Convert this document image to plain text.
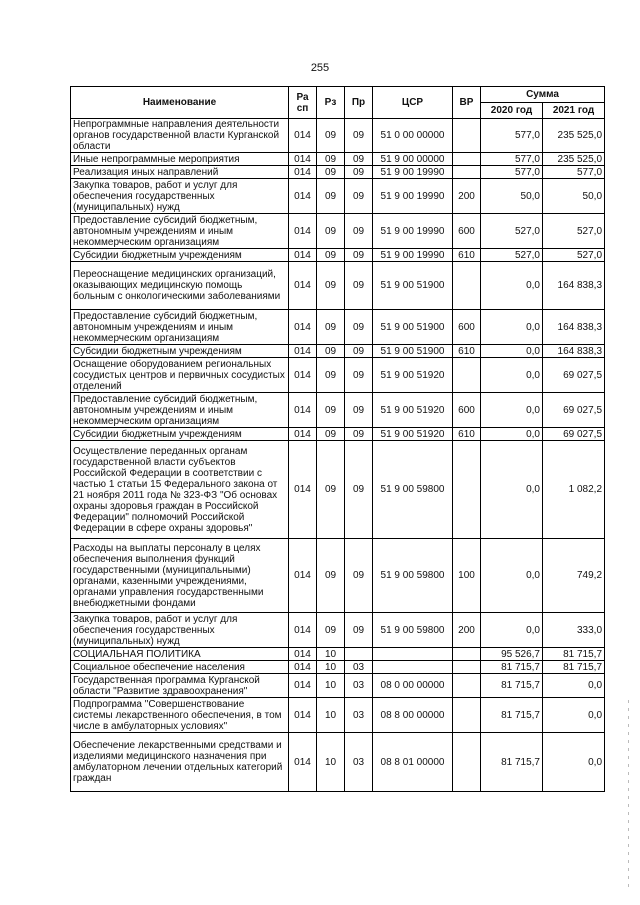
255
Наименование	Ра сп	Рз	Пр	ЦСР	ВР	Сумма	
						2020 год	2021 год
Непрограммные направления деятельности органов государственной власти Курганской области	014	09	09	51 0 00 00000		577,0	235 525,0
Иные непрограммные мероприятия	014	09	09	51 9 00 00000		577,0	235 525,0
Реализация иных направлений	014	09	09	51 9 00 19990		577,0	577,0
Закупка товаров, работ и услуг для обеспечения государственных (муниципальных) нужд	014	09	09	51 9 00 19990	200	50,0	50,0
Предоставление субсидий бюджетным, автономным учреждениям и иным некоммерческим организациям	014	09	09	51 9 00 19990	600	527,0	527,0
Субсидии бюджетным учреждениям	014	09	09	51 9 00 19990	610	527,0	527,0
Переоснащение медицинских организаций, оказывающих медицинскую помощь больным с онкологическими заболеваниями	014	09	09	51 9 00 51900		0,0	164 838,3
Предоставление субсидий бюджетным, автономным учреждениям и иным некоммерческим организациям	014	09	09	51 9 00 51900	600	0,0	164 838,3
Субсидии бюджетным учреждениям	014	09	09	51 9 00 51900	610	0,0	164 838,3
Оснащение оборудованием региональных сосудистых центров и первичных сосудистых отделений	014	09	09	51 9 00 51920		0,0	69 027,5
Предоставление субсидий бюджетным, автономным учреждениям и иным некоммерческим организациям	014	09	09	51 9 00 51920	600	0,0	69 027,5
Субсидии бюджетным учреждениям	014	09	09	51 9 00 51920	610	0,0	69 027,5
Осуществление переданных органам государственной власти субъектов Российской Федерации в соответствии с частью 1 статьи 15 Федерального закона от 21 ноября 2011 года № 323-ФЗ "Об основах охраны здоровья граждан в Российской Федерации" полномочий Российской Федерации в сфере охраны здоровья"	014	09	09	51 9 00 59800		0,0	1 082,2
Расходы на выплаты персоналу в целях обеспечения выполнения функций государственными (муниципальными) органами, казенными учреждениями, органами управления государственными внебюджетными фондами	014	09	09	51 9 00 59800	100	0,0	749,2
Закупка товаров, работ и услуг для обеспечения государственных (муниципальных) нужд	014	09	09	51 9 00 59800	200	0,0	333,0
СОЦИАЛЬНАЯ ПОЛИТИКА	014	10				95 526,7	81 715,7
Социальное обеспечение населения	014	10	03			81 715,7	81 715,7
Государственная программа Курганской области "Развитие здравоохранения"	014	10	03	08 0 00 00000		81 715,7	0,0
Подпрограмма "Совершенствование системы лекарственного обеспечения, в том числе в амбулаторных условиях"	014	10	03	08 8 00 00000		81 715,7	0,0
Обеспечение лекарственными средствами и изделиями медицинского назначения при амбулаторном лечении отдельных категорий граждан	014	10	03	08 8 01 00000		81 715,7	0,0
